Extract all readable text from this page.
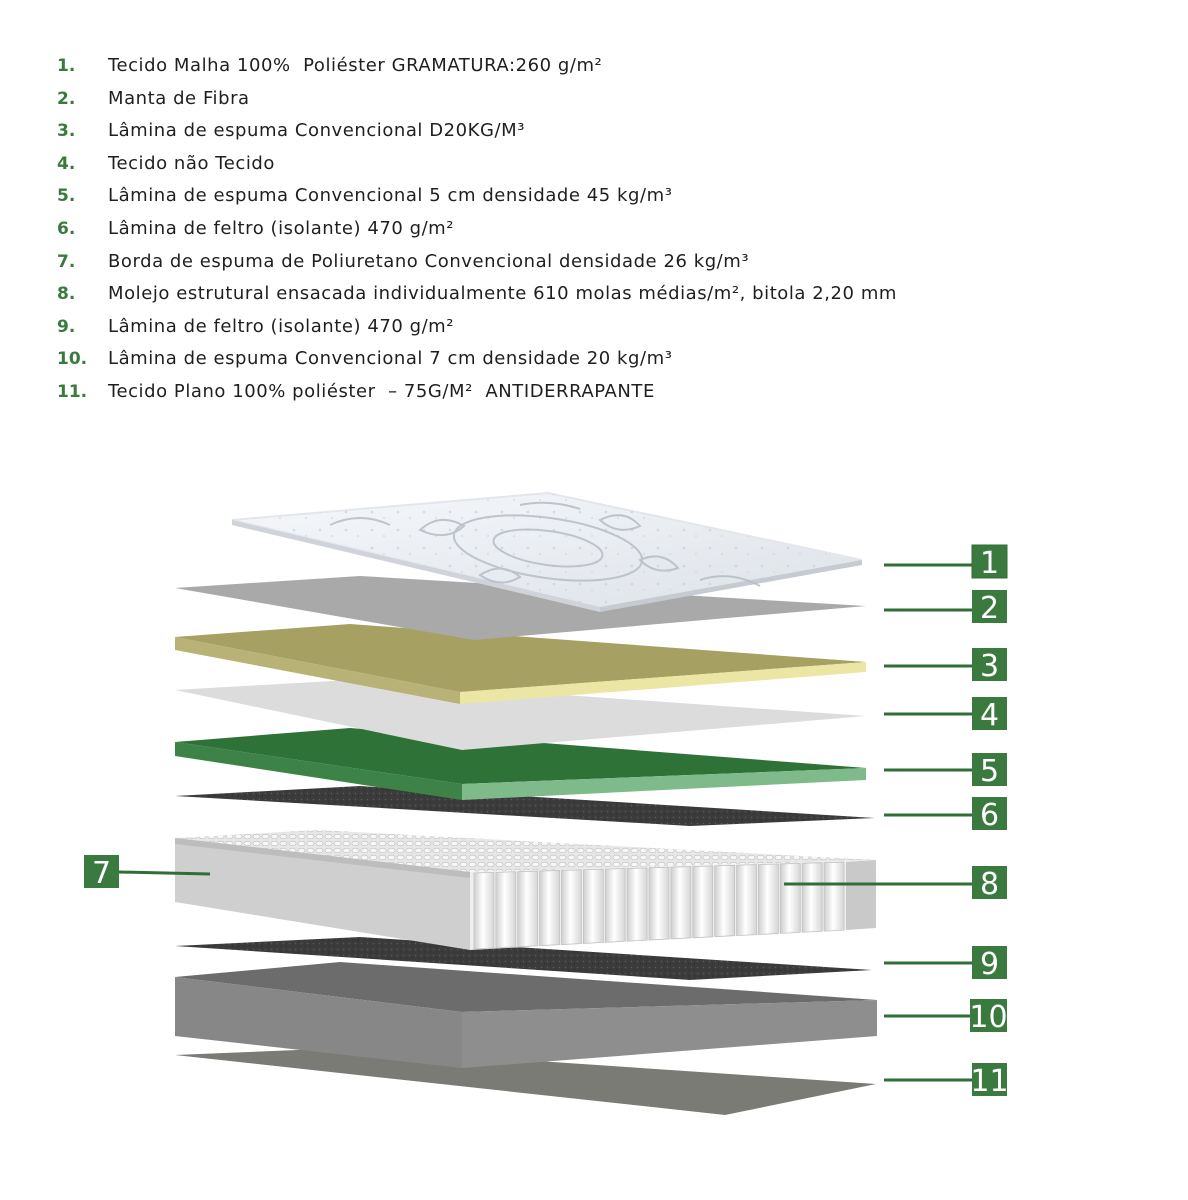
1. Tecido Malha 100%  Poliéster GRAMATURA:260 g/m²
2. Manta de Fibra
3. Lâmina de espuma Convencional D20KG/M³
4. Tecido não Tecido
5. Lâmina de espuma Convencional 5 cm densidade 45 kg/m³
6. Lâmina de feltro (isolante) 470 g/m²
7. Borda de espuma de Poliuretano Convencional densidade 26 kg/m³
8. Molejo estrutural ensacada individualmente 610 molas médias/m², bitola 2,20 mm
9. Lâmina de feltro (isolante) 470 g/m²
10. Lâmina de espuma Convencional 7 cm densidade 20 kg/m³
11. Tecido Plano 100% poliéster  – 75G/M²  ANTIDERRAPANTE
1
2
3
4
5
6
7	8
9
10
11
